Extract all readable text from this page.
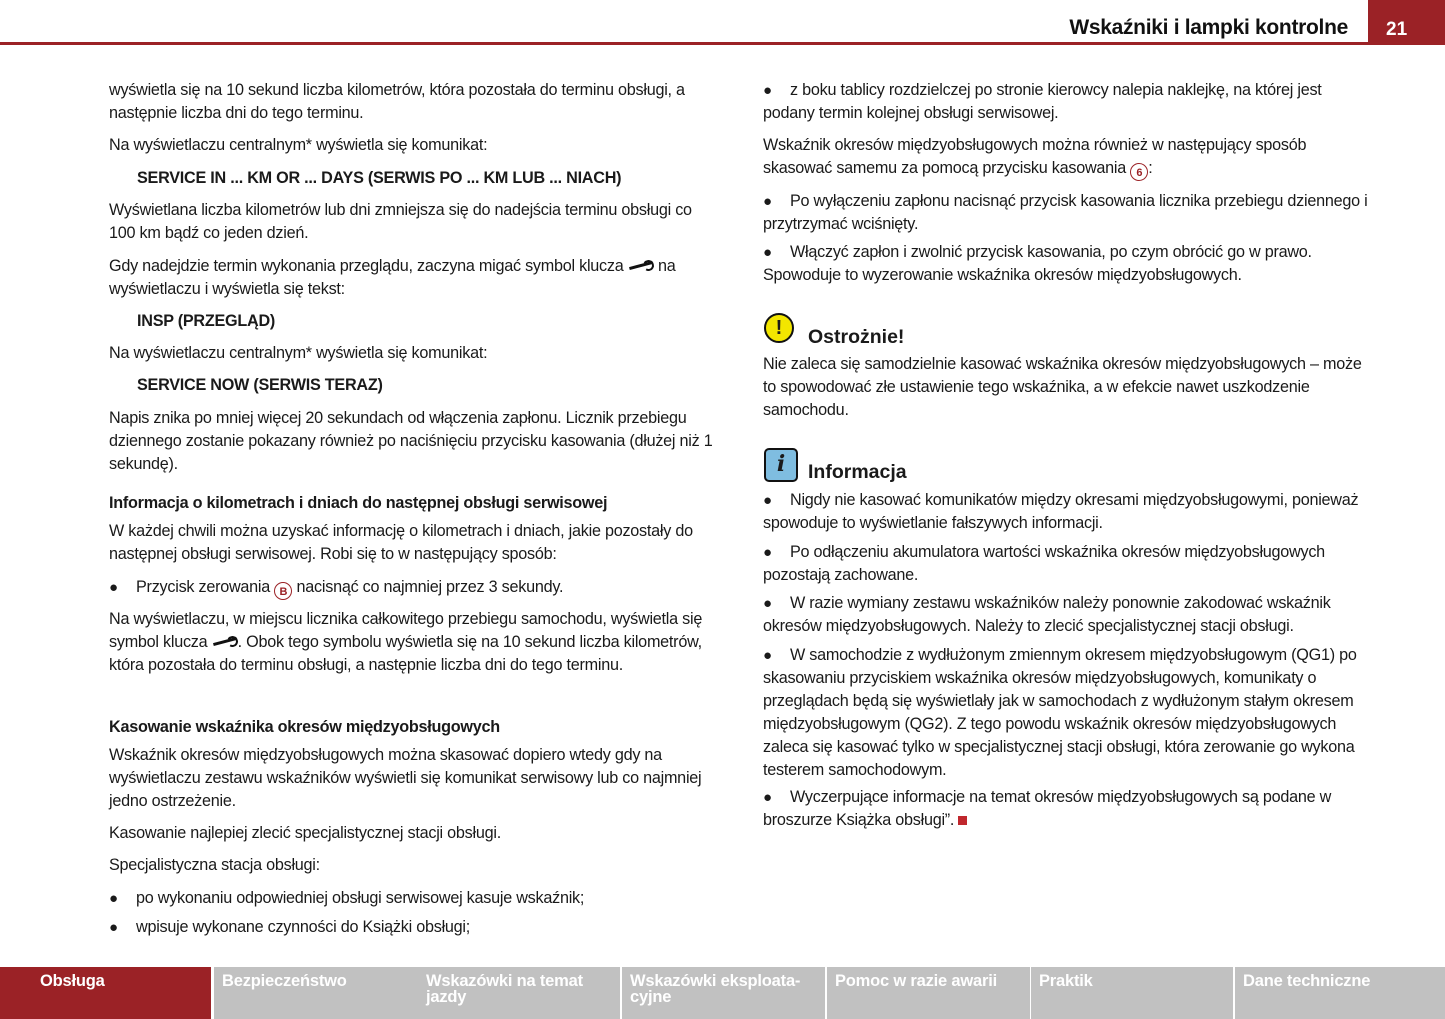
Wskaźniki i lampki kontrolne	21
wyświetla się na 10 sekund liczba kilometrów, która pozostała do terminu obsługi, a następnie liczba dni do tego terminu.
Na wyświetlaczu centralnym* wyświetla się komunikat:
SERVICE IN ... KM OR ... DAYS (SERWIS PO ... KM LUB ... NIACH)
Wyświetlana liczba kilometrów lub dni zmniejsza się do nadejścia terminu obsługi co 100 km bądź co jeden dzień.
Gdy nadejdzie termin wykonania przeglądu, zaczyna migać symbol klucza  na wyświetlaczu i wyświetla się tekst:
INSP (PRZEGLĄD)
Na wyświetlaczu centralnym* wyświetla się komunikat:
SERVICE NOW (SERWIS TERAZ)
Napis znika po mniej więcej 20 sekundach od włączenia zapłonu. Licznik przebiegu dziennego zostanie pokazany również po naciśnięciu przycisku kasowania (dłużej niż 1 sekundę).
Informacja o kilometrach i dniach do następnej obsługi serwisowej
W każdej chwili można uzyskać informację o kilometrach i dniach, jakie pozostały do następnej obsługi serwisowej. Robi się to w następujący sposób:
● Przycisk zerowania B nacisnąć co najmniej przez 3 sekundy.
Na wyświetlaczu, w miejscu licznika całkowitego przebiegu samochodu, wyświetla się symbol klucza . Obok tego symbolu wyświetla się na 10 sekund liczba kilometrów, która pozostała do terminu obsługi, a następnie liczba dni do tego terminu.
Kasowanie wskaźnika okresów międzyobsługowych
Wskaźnik okresów międzyobsługowych można skasować dopiero wtedy gdy na wyświetlaczu zestawu wskaźników wyświetli się komunikat serwisowy lub co najmniej jedno ostrzeżenie.
Kasowanie najlepiej zlecić specjalistycznej stacji obsługi.
Specjalistyczna stacja obsługi:
● po wykonaniu odpowiedniej obsługi serwisowej kasuje wskaźnik;
● wpisuje wykonane czynności do Książki obsługi;
● z boku tablicy rozdzielczej po stronie kierowcy nalepia naklejkę, na której jest podany termin kolejnej obsługi serwisowej.
Wskaźnik okresów międzyobsługowych można również w następujący sposób skasować samemu za pomocą przycisku kasowania 6 :
● Po wyłączeniu zapłonu nacisnąć przycisk kasowania licznika przebiegu dziennego i przytrzymać wciśnięty.
● Włączyć zapłon i zwolnić przycisk kasowania, po czym obrócić go w prawo. Spowoduje to wyzerowanie wskaźnika okresów międzyobsługowych.
!	Ostrożnie!
Nie zaleca się samodzielnie kasować wskaźnika okresów międzyobsługowych – może to spowodować złe ustawienie tego wskaźnika, a w efekcie nawet uszkodzenie samochodu.
i	Informacja
● Nigdy nie kasować komunikatów między okresami międzyobsługowymi, ponieważ spowoduje to wyświetlanie fałszywych informacji.
● Po odłączeniu akumulatora wartości wskaźnika okresów międzyobsługowych pozostają zachowane.
● W razie wymiany zestawu wskaźników należy ponownie zakodować wskaźnik okresów międzyobsługowych. Należy to zlecić specjalistycznej stacji obsługi.
● W samochodzie z wydłużonym zmiennym okresem międzyobsługowym (QG1) po skasowaniu przyciskiem wskaźnika okresów międzyobsługowych, komunikaty o przeglądach będą się wyświetlały jak w samochodach z wydłużonym stałym okresem międzyobsługowym (QG2). Z tego powodu wskaźnik okresów międzyobsługowych zaleca się kasować tylko w specjalistycznej stacji obsługi, która zerowanie go wykona testerem samochodowym.
● Wyczerpujące informacje na temat okresów międzyobsługowych są podane w broszurze Książka obsługi”.
Obsługa	Bezpieczeństwo	Wskazówki na temat jazdy
Wskazówki eksploata-cyjne
Pomoc w razie awarii	Praktik	Dane techniczne
